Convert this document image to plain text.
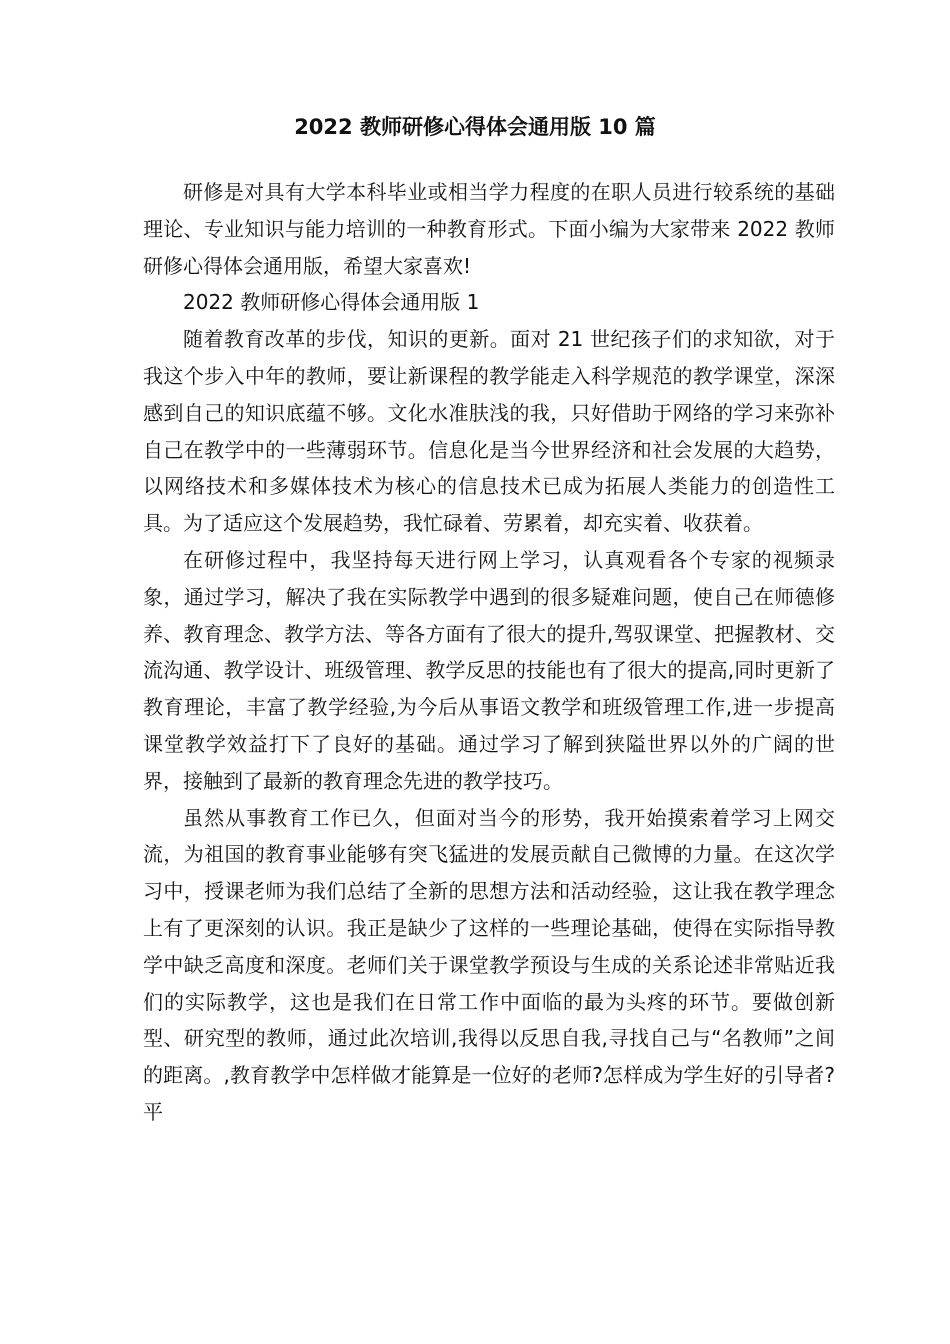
2022 教师研修心得体会通用版 10 篇

研修是对具有大学本科毕业或相当学力程度的在职人员进行较系统的基础理论、专业知识与能力培训的一种教育形式。下面小编为大家带来 2022 教师研修心得体会通用版，希望大家喜欢!

2022 教师研修心得体会通用版 1

随着教育改革的步伐，知识的更新。面对 21 世纪孩子们的求知欲，对于我这个步入中年的教师，要让新课程的教学能走入科学规范的教学课堂，深深感到自己的知识底蕴不够。文化水准肤浅的我，只好借助于网络的学习来弥补自己在教学中的一些薄弱环节。信息化是当今世界经济和社会发展的大趋势，以网络技术和多媒体技术为核心的信息技术已成为拓展人类能力的创造性工具。为了适应这个发展趋势，我忙碌着、劳累着，却充实着、收获着。

在研修过程中，我坚持每天进行网上学习，认真观看各个专家的视频录象，通过学习，解决了我在实际教学中遇到的很多疑难问题，使自己在师德修养、教育理念、教学方法、等各方面有了很大的提升,驾驭课堂、把握教材、交流沟通、教学设计、班级管理、教学反思的技能也有了很大的提高,同时更新了教育理论，丰富了教学经验,为今后从事语文教学和班级管理工作,进一步提高课堂教学效益打下了良好的基础。通过学习了解到狭隘世界以外的广阔的世界，接触到了最新的教育理念先进的教学技巧。

虽然从事教育工作已久，但面对当今的形势，我开始摸索着学习上网交流，为祖国的教育事业能够有突飞猛进的发展贡献自己微博的力量。在这次学习中，授课老师为我们总结了全新的思想方法和活动经验，这让我在教学理念上有了更深刻的认识。我正是缺少了这样的一些理论基础，使得在实际指导教学中缺乏高度和深度。老师们关于课堂教学预设与生成的关系论述非常贴近我们的实际教学，这也是我们在日常工作中面临的最为头疼的环节。要做创新型、研究型的教师，通过此次培训,我得以反思自我,寻找自己与“名教师”之间的距离。,教育教学中怎样做才能算是一位好的老师?怎样成为学生好的引导者?平
